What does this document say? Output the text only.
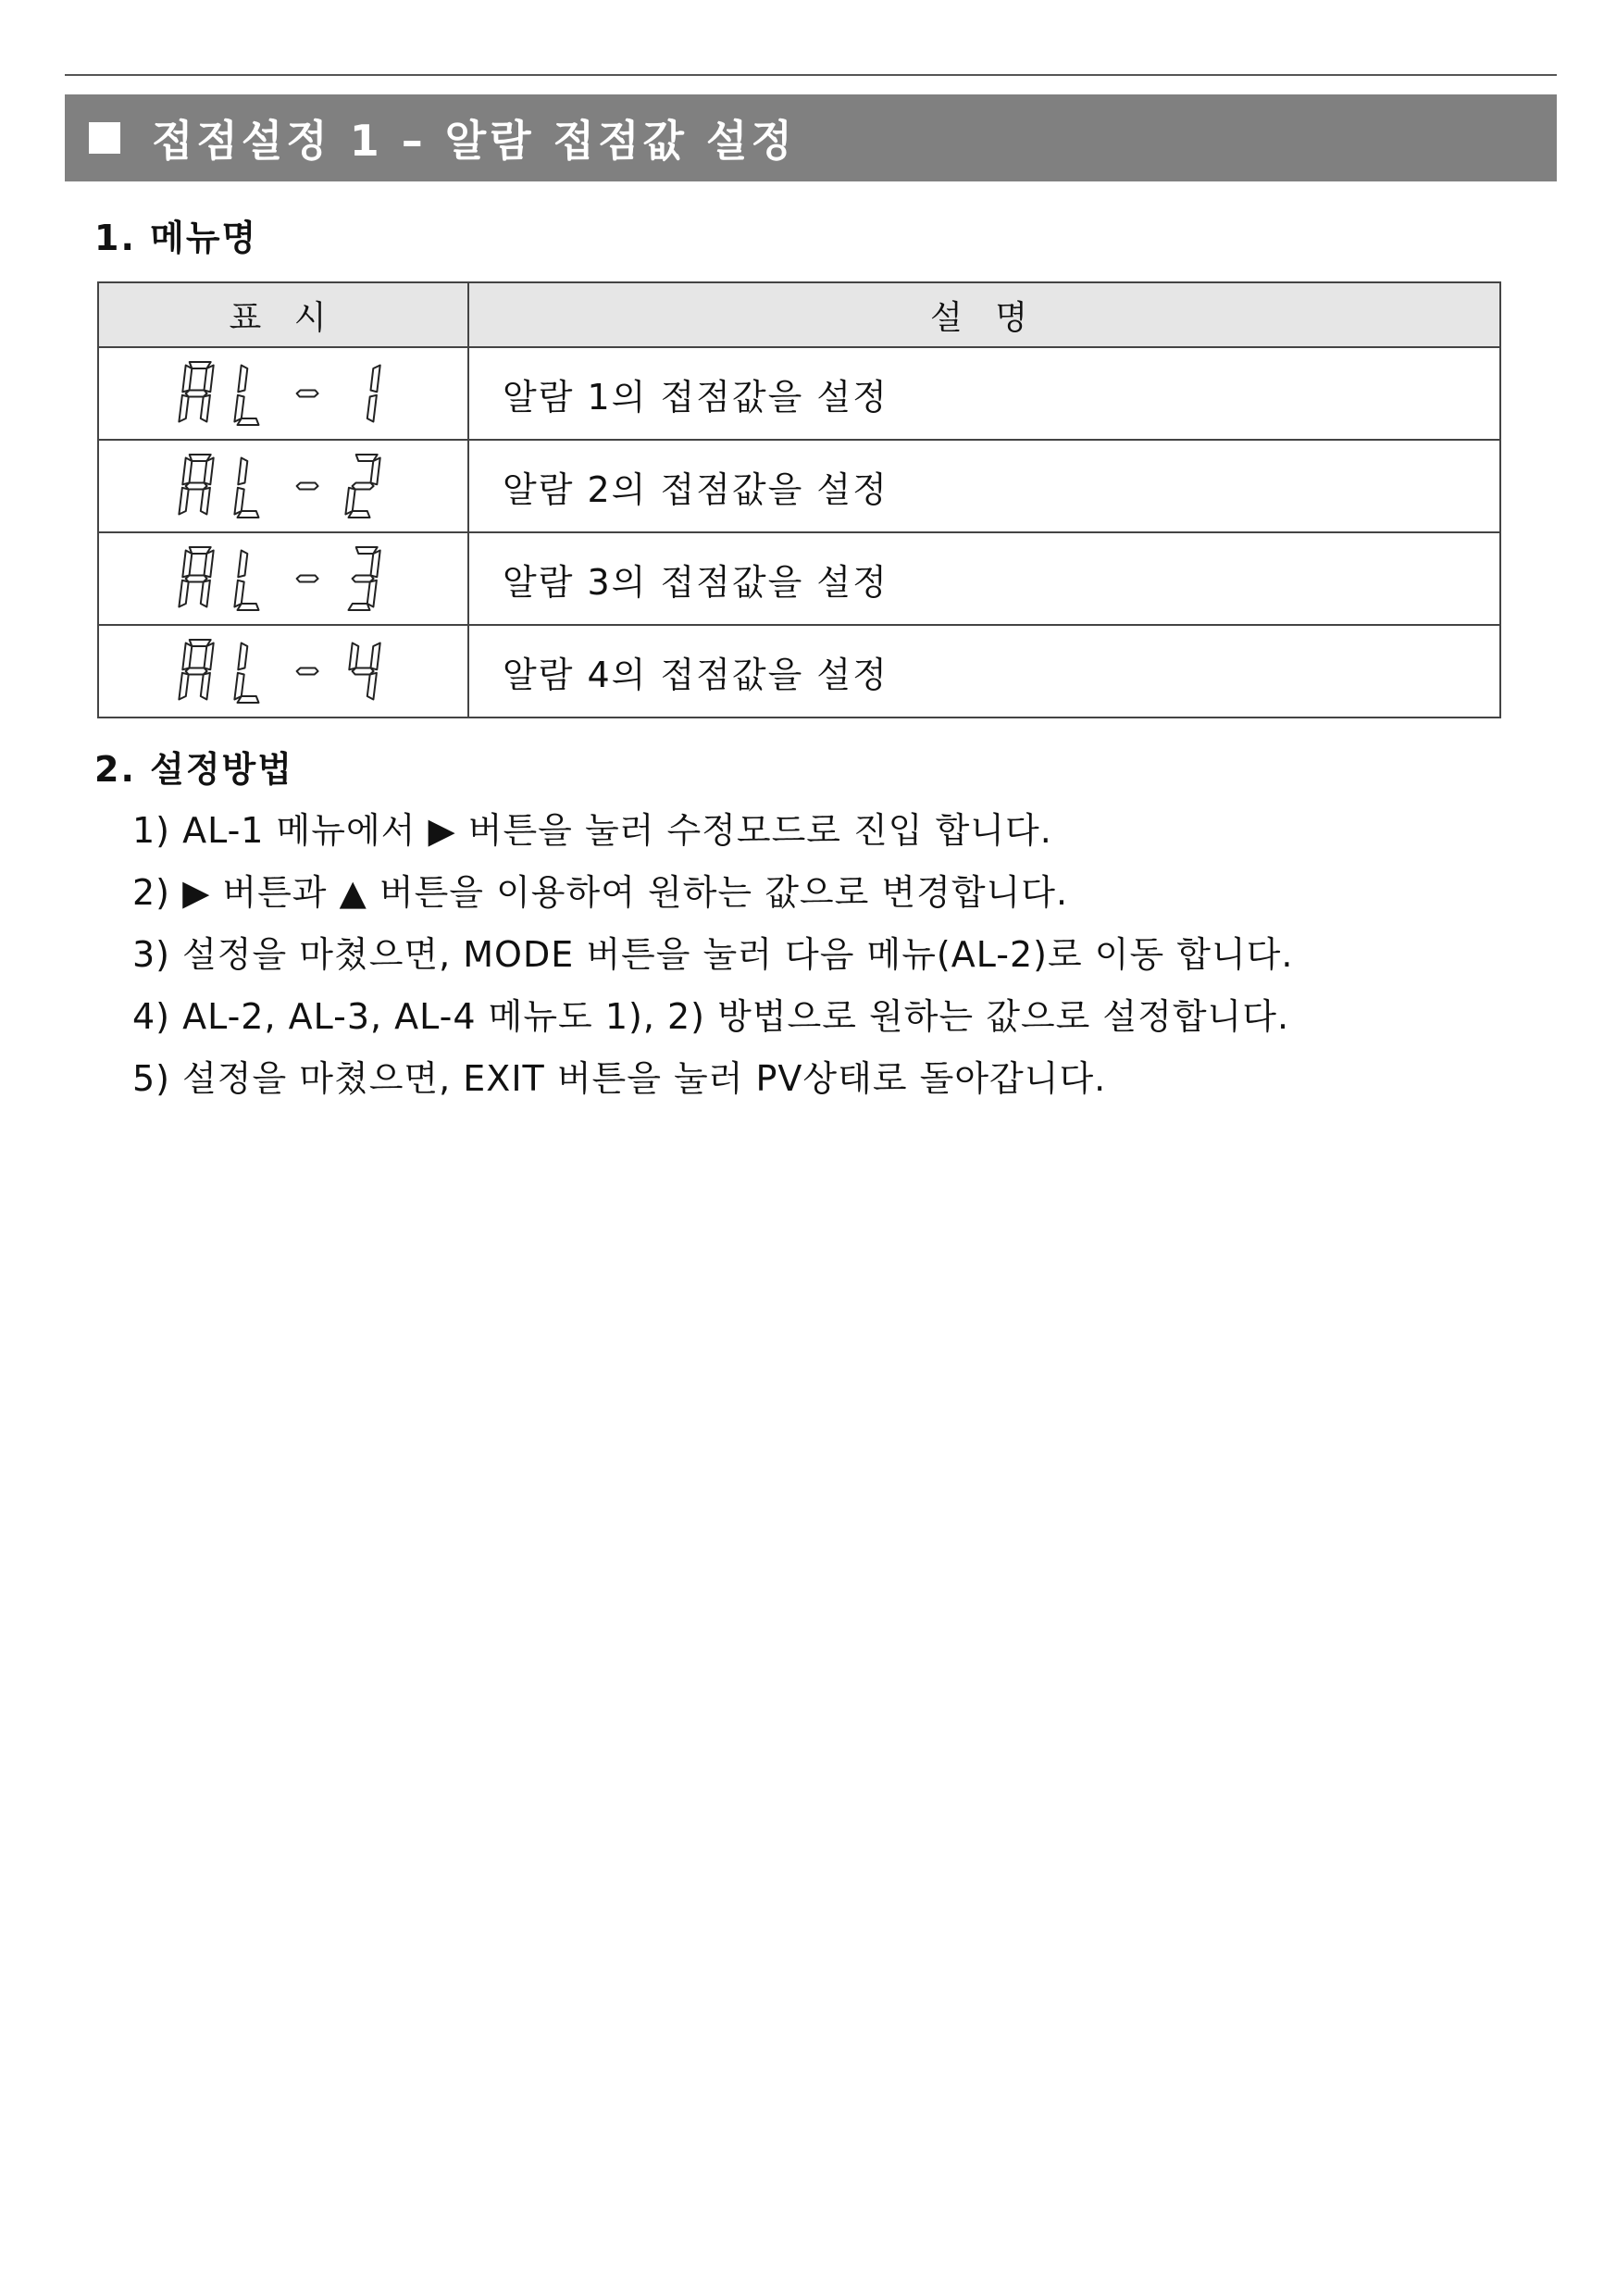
접점설정 1 – 알람 접점값 설정
1. 메뉴명
표 시	설 명

	알람 1의 접점값을 설정

	알람 2의 접점값을 설정

	알람 3의 접점값을 설정

	알람 4의 접점값을 설정
2. 설정방법
1) AL-1 메뉴에서 ▶ 버튼을 눌러 수정모드로 진입 합니다.
2) ▶ 버튼과 ▲ 버튼을 이용하여 원하는 값으로 변경합니다.
3) 설정을 마쳤으면, MODE 버튼을 눌러 다음 메뉴(AL-2)로 이동 합니다.
4) AL-2, AL-3, AL-4 메뉴도 1), 2) 방법으로 원하는 값으로 설정합니다.
5) 설정을 마쳤으면, EXIT 버튼을 눌러 PV상태로 돌아갑니다.
